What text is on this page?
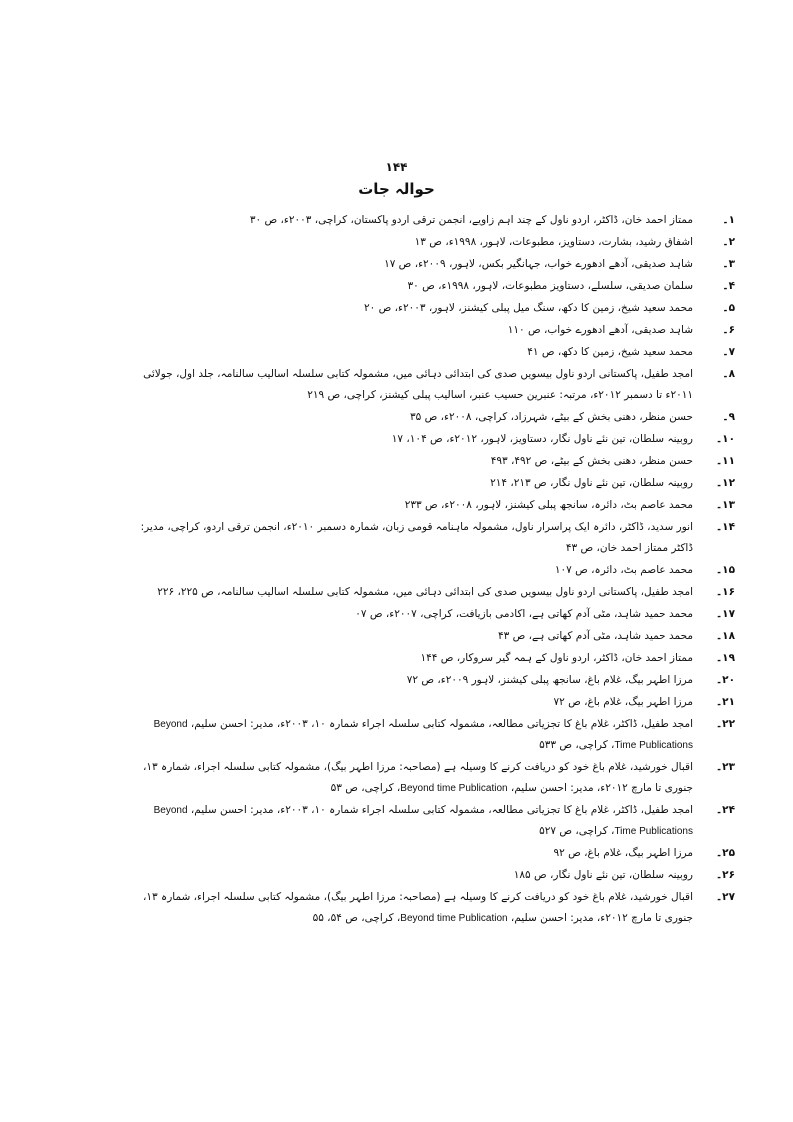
۱۴۴
حوالہ جات
۱۔
ممتاز احمد خان، ڈاکٹر، اردو ناول کے چند اہم زاویے، انجمن ترقی اردو پاکستان، کراچی، ۲۰۰۳ء، ص ۳۰
۲۔
اشفاق رشید، بشارت، دستاویز، مطبوعات، لاہور، ۱۹۹۸ء، ص ۱۳
۳۔
شاہد صدیقی، آدھے ادھورے خواب، جہانگیر بکس، لاہور، ۲۰۰۹ء، ص ۱۷
۴۔
سلمان صدیقی، سلسلے، دستاویز مطبوعات، لاہور، ۱۹۹۸ء، ص ۳۰
۵۔
محمد سعید شیخ، زمین کا دکھ، سنگ میل پبلی کیشنز، لاہور، ۲۰۰۳ء، ص ۲۰
۶۔
شاہد صدیقی، آدھے ادھورے خواب، ص ۱۱۰
۷۔
محمد سعید شیخ، زمین کا دکھ، ص ۴۱
۸۔
امجد طفیل، پاکستانی اردو ناول بیسویں صدی کی ابتدائی دہائی میں، مشمولہ کتابی سلسلہ اسالیب سالنامہ، جلد اول، جولائی ۲۰۱۱ء تا دسمبر ۲۰۱۲ء، مرتبہ: عنبرین حسیب عنبر، اسالیب پبلی کیشنز، کراچی، ص ۲۱۹
۹۔
حسن منظر، دھنی بخش کے بیٹے، شہرزاد، کراچی، ۲۰۰۸ء، ص ۳۵
۱۰۔
روبینہ سلطان، تین نئے ناول نگار، دستاویز، لاہور، ۲۰۱۲ء، ص ۱۰۴، ۱۷
۱۱۔
حسن منظر، دھنی بخش کے بیٹے، ص ۴۹۲، ۴۹۳
۱۲۔
روبینہ سلطان، تین نئے ناول نگار، ص ۲۱۳، ۲۱۴
۱۳۔
محمد عاصم بٹ، دائرہ، سانجھ پبلی کیشنز، لاہور، ۲۰۰۸ء، ص ۲۳۳
۱۴۔
انور سدید، ڈاکٹر، دائرہ ایک پراسرار ناول، مشمولہ ماہنامہ قومی زبان، شمارہ دسمبر ۲۰۱۰ء، انجمن ترقی اردو، کراچی، مدیر: ڈاکٹر ممتاز احمد خان، ص ۴۳
۱۵۔
محمد عاصم بٹ، دائرہ، ص ۱۰۷
۱۶۔
امجد طفیل، پاکستانی اردو ناول بیسویں صدی کی ابتدائی دہائی میں، مشمولہ کتابی سلسلہ اسالیب سالنامہ، ص ۲۲۵، ۲۲۶
۱۷۔
محمد حمید شاہد، مٹی آدم کھاتی ہے، اکادمی بازیافت، کراچی، ۲۰۰۷ء، ص ۰۷
۱۸۔
محمد حمید شاہد، مٹی آدم کھاتی ہے، ص ۴۳
۱۹۔
ممتاز احمد خان، ڈاکٹر، اردو ناول کے ہمہ گیر سروکار، ص ۱۴۴
۲۰۔
مرزا اطہر بیگ، غلام باغ، سانجھ پبلی کیشنز، لاہور ۲۰۰۹ء، ص ۷۲
۲۱۔
مرزا اطہر بیگ، غلام باغ، ص ۷۲
۲۲۔
امجد طفیل، ڈاکٹر، غلام باغ کا تجزیاتی مطالعہ، مشمولہ کتابی سلسلہ اجراء شمارہ ۱۰، ۲۰۰۳ء، مدیر: احسن سلیم، Beyond Time Publications، کراچی، ص ۵۳۳
۲۳۔
اقبال خورشید، غلام باغ خود کو دریافت کرنے کا وسیلہ ہے (مصاحبہ: مرزا اطہر بیگ)، مشمولہ کتابی سلسلہ اجراء، شمارہ ۱۳، جنوری تا مارچ ۲۰۱۲ء، مدیر: احسن سلیم، Beyond time Publication، کراچی، ص ۵۳
۲۴۔
امجد طفیل، ڈاکٹر، غلام باغ کا تجزیاتی مطالعہ، مشمولہ کتابی سلسلہ اجراء شمارہ ۱۰، ۲۰۰۳ء، مدیر: احسن سلیم، Beyond Time Publications، کراچی، ص ۵۲۷
۲۵۔
مرزا اطہر بیگ، غلام باغ، ص ۹۲
۲۶۔
روبینہ سلطان، تین نئے ناول نگار، ص ۱۸۵
۲۷۔
اقبال خورشید، غلام باغ خود کو دریافت کرنے کا وسیلہ ہے (مصاحبہ: مرزا اطہر بیگ)، مشمولہ کتابی سلسلہ اجراء، شمارہ ۱۳، جنوری تا مارچ ۲۰۱۲ء، مدیر: احسن سلیم، Beyond time Publication، کراچی، ص ۵۴، ۵۵
